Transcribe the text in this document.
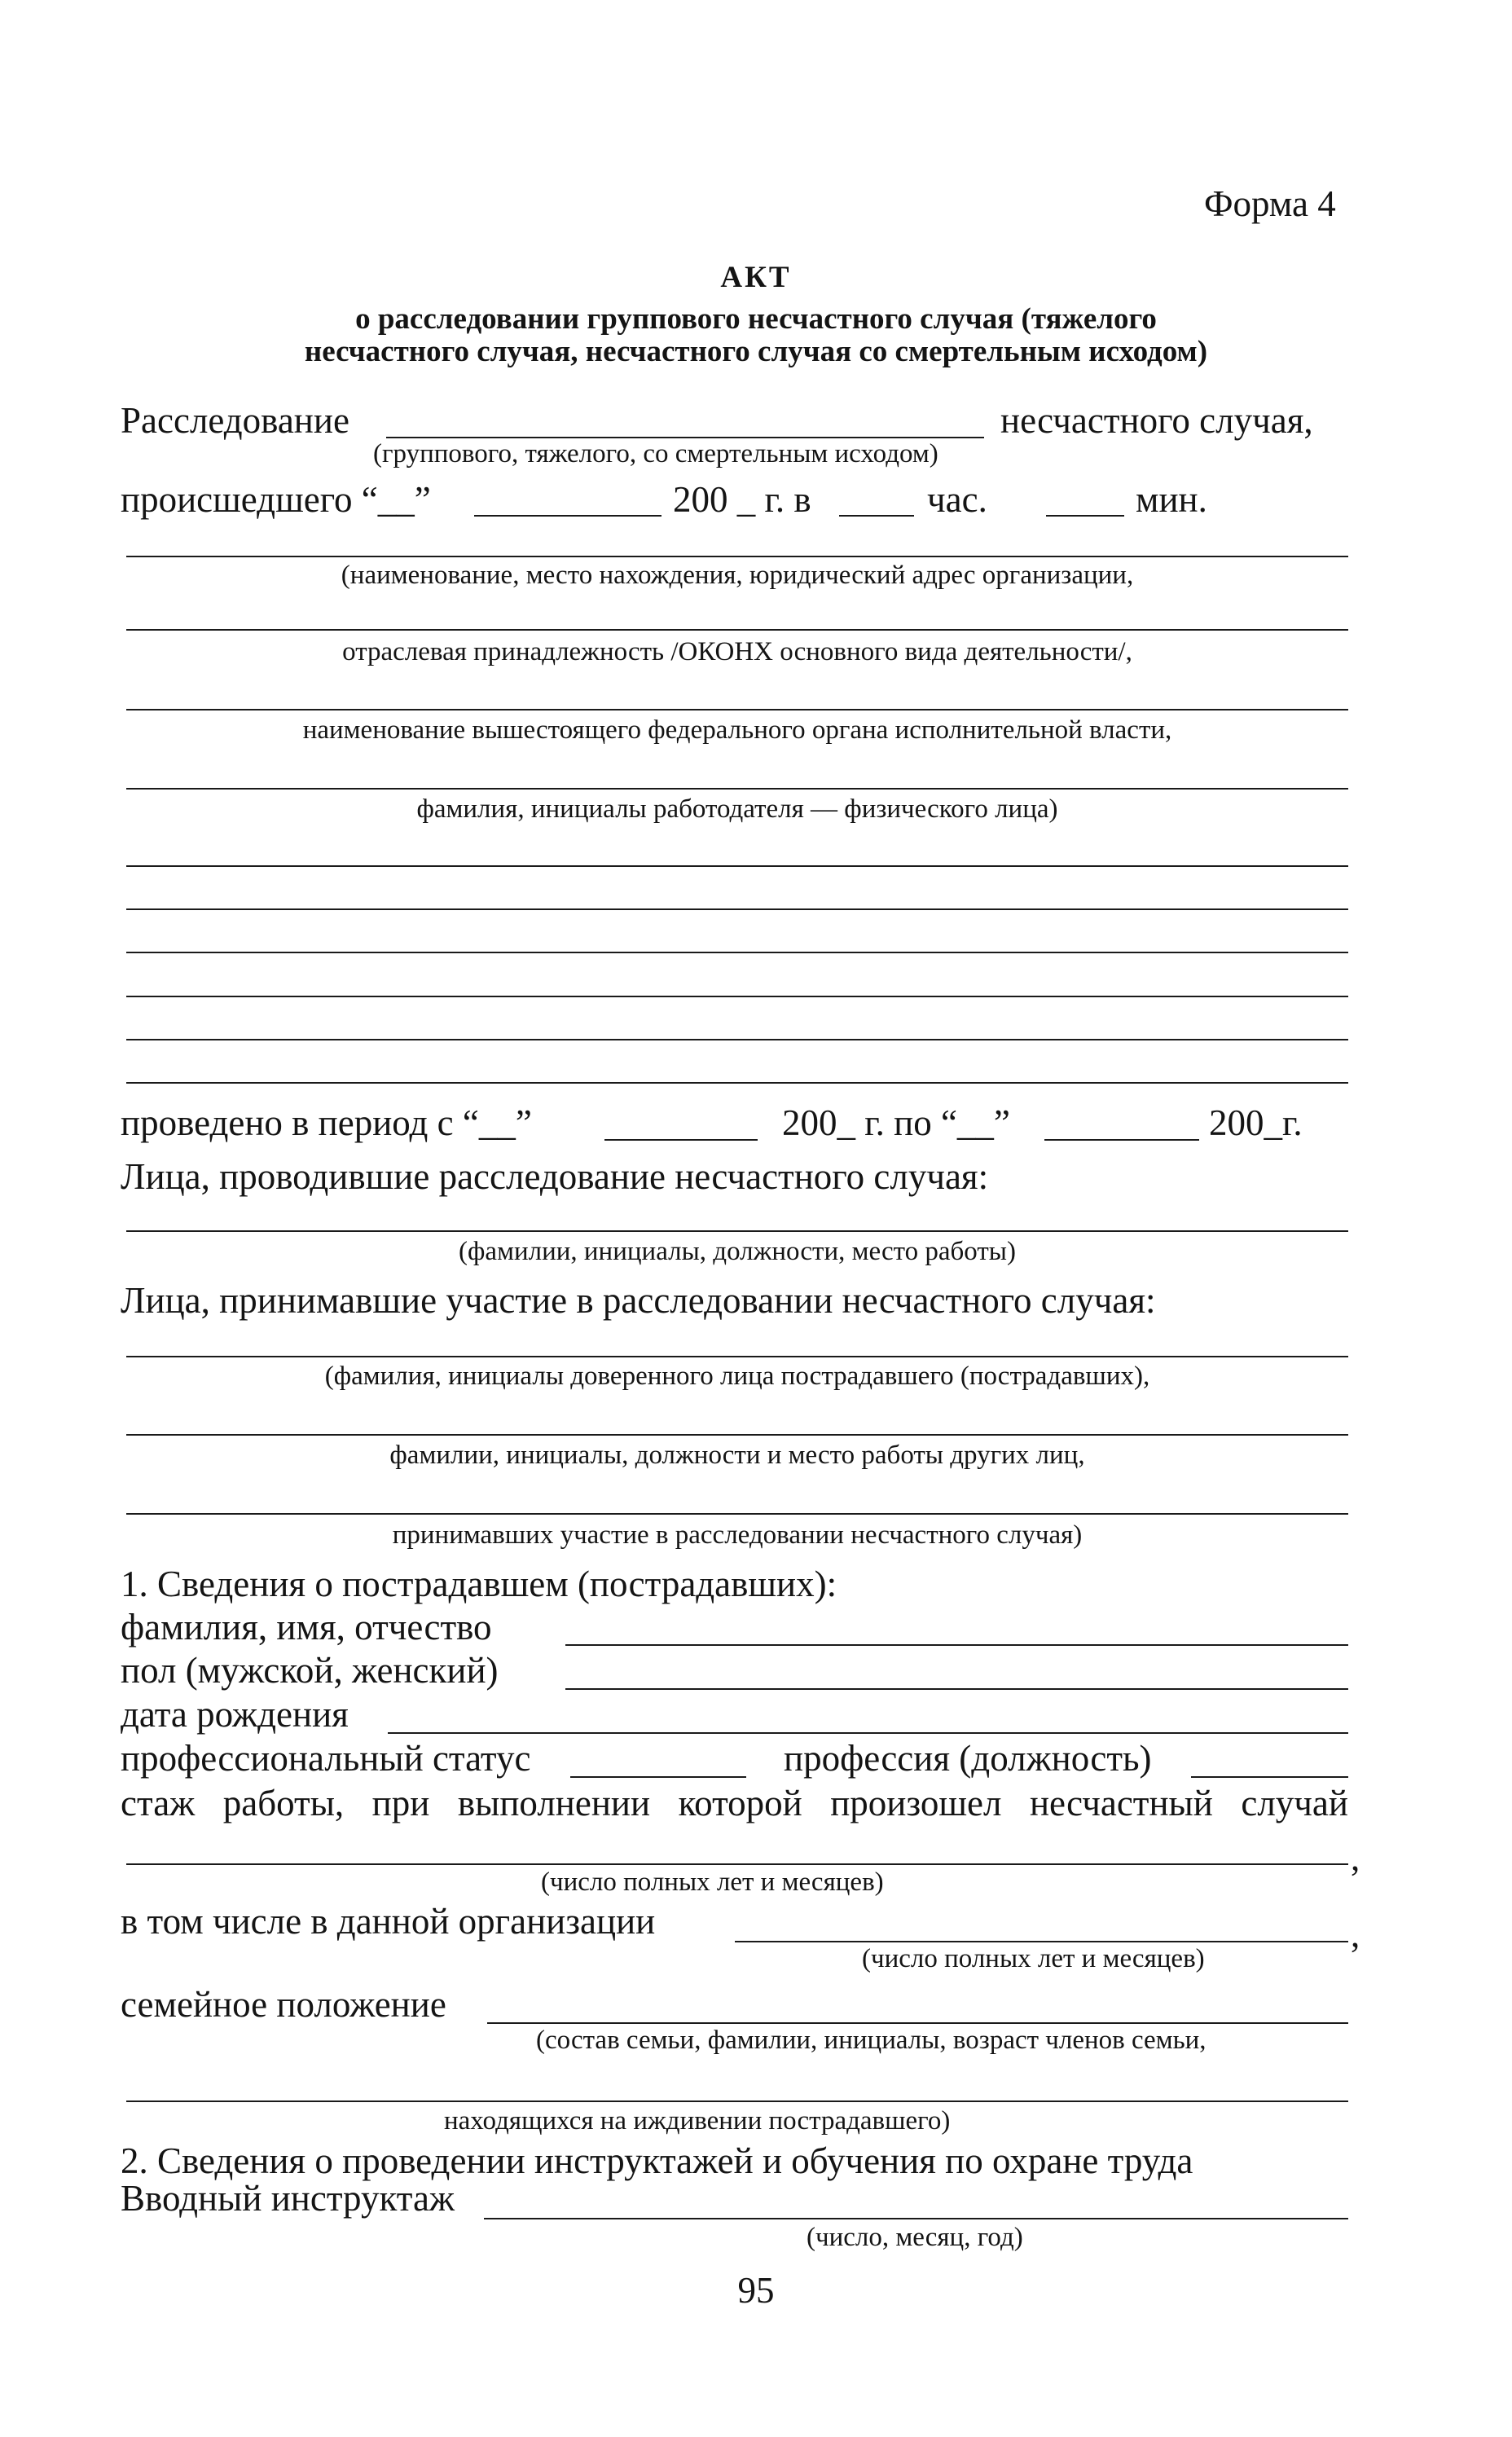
Форма 4
АКТ
о расследовании группового несчастного случая (тяжелого
несчастного случая, несчастного случая со смертельным исходом)
Расследование	несчастного случая,
(группового, тяжелого, со смертельным исходом)
происшедшего “__”	200 _ г. в	час.	мин.
(наименование, место нахождения, юридический адрес организации,
отраслевая принадлежность /ОКОНХ основного вида деятельности/,
наименование вышестоящего федерального органа исполнительной власти,
фамилия, инициалы работодателя — физического лица)
проведено в период с “__”	200_ г. по “__”	200_г.
Лица, проводившие расследование несчастного случая:
(фамилии, инициалы, должности, место работы)
Лица, принимавшие участие в расследовании несчастного случая:
(фамилия, инициалы доверенного лица пострадавшего (пострадавших),
фамилии, инициалы, должности и место работы других лиц,
принимавших участие в расследовании несчастного случая)
1. Сведения о пострадавшем (пострадавших):
фамилия, имя, отчество
пол (мужской, женский)
дата рождения
профессиональный статус	профессия (должность)
стаж работы, при выполнении которой произошел несчастный случай
,
(число полных лет и месяцев)
в том числе в данной организации	,
(число полных лет и месяцев)
семейное положение
(состав семьи, фамилии, инициалы, возраст членов семьи,
находящихся на иждивении пострадавшего)
2. Сведения о проведении инструктажей и обучения по охране труда
Вводный инструктаж
(число, месяц, год)
95
